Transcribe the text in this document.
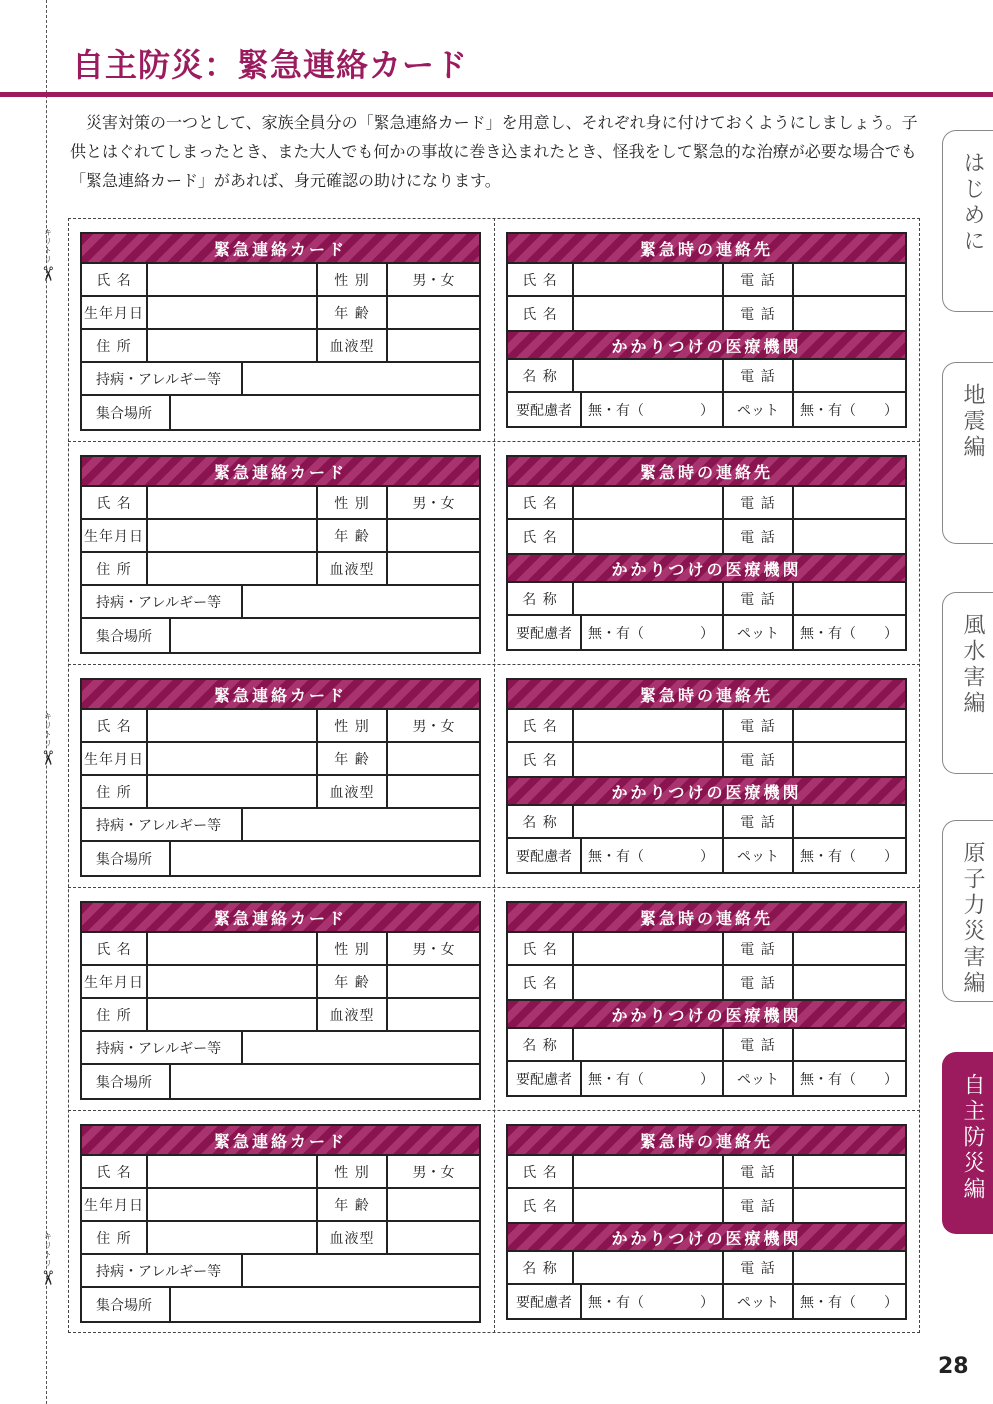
キリトリ
✂
キリトリ
✂
キリトリ
✂
自主防災：緊急連絡カード
災害対策の一つとして、家族全員分の「緊急連絡カード」を用意し、それぞれ身に付けておくようにしましょう。子供とはぐれてしまったとき、また大人でも何かの事故に巻き込まれたとき、怪我をして緊急的な治療が必要な場合でも「緊急連絡カード」があれば、身元確認の助けになります。	はじめに
地震編
風水害編
原子力災害編
自主防災編
28
緊急連絡カード
氏 名	性 別	男・女
生年月日	年 齢
住 所	血液型
持病・アレルギー等
集合場所
緊急時の連絡先
氏 名	電 話
氏 名	電 話
かかりつけの医療機関
名 称	電 話
要配慮者	無・有（　　　　）	ペット	無・有（　　）
緊急連絡カード
氏 名	性 別	男・女
生年月日	年 齢
住 所	血液型
持病・アレルギー等
集合場所
緊急時の連絡先
氏 名	電 話
氏 名	電 話
かかりつけの医療機関
名 称	電 話
要配慮者	無・有（　　　　）	ペット	無・有（　　）
緊急連絡カード
氏 名	性 別	男・女
生年月日	年 齢
住 所	血液型
持病・アレルギー等
集合場所
緊急時の連絡先
氏 名	電 話
氏 名	電 話
かかりつけの医療機関
名 称	電 話
要配慮者	無・有（　　　　）	ペット	無・有（　　）
緊急連絡カード
氏 名	性 別	男・女
生年月日	年 齢
住 所	血液型
持病・アレルギー等
集合場所
緊急時の連絡先
氏 名	電 話
氏 名	電 話
かかりつけの医療機関
名 称	電 話
要配慮者	無・有（　　　　）	ペット	無・有（　　）
緊急連絡カード
氏 名	性 別	男・女
生年月日	年 齢
住 所	血液型
持病・アレルギー等
集合場所
緊急時の連絡先
氏 名	電 話
氏 名	電 話
かかりつけの医療機関
名 称	電 話
要配慮者	無・有（　　　　）	ペット	無・有（　　）
